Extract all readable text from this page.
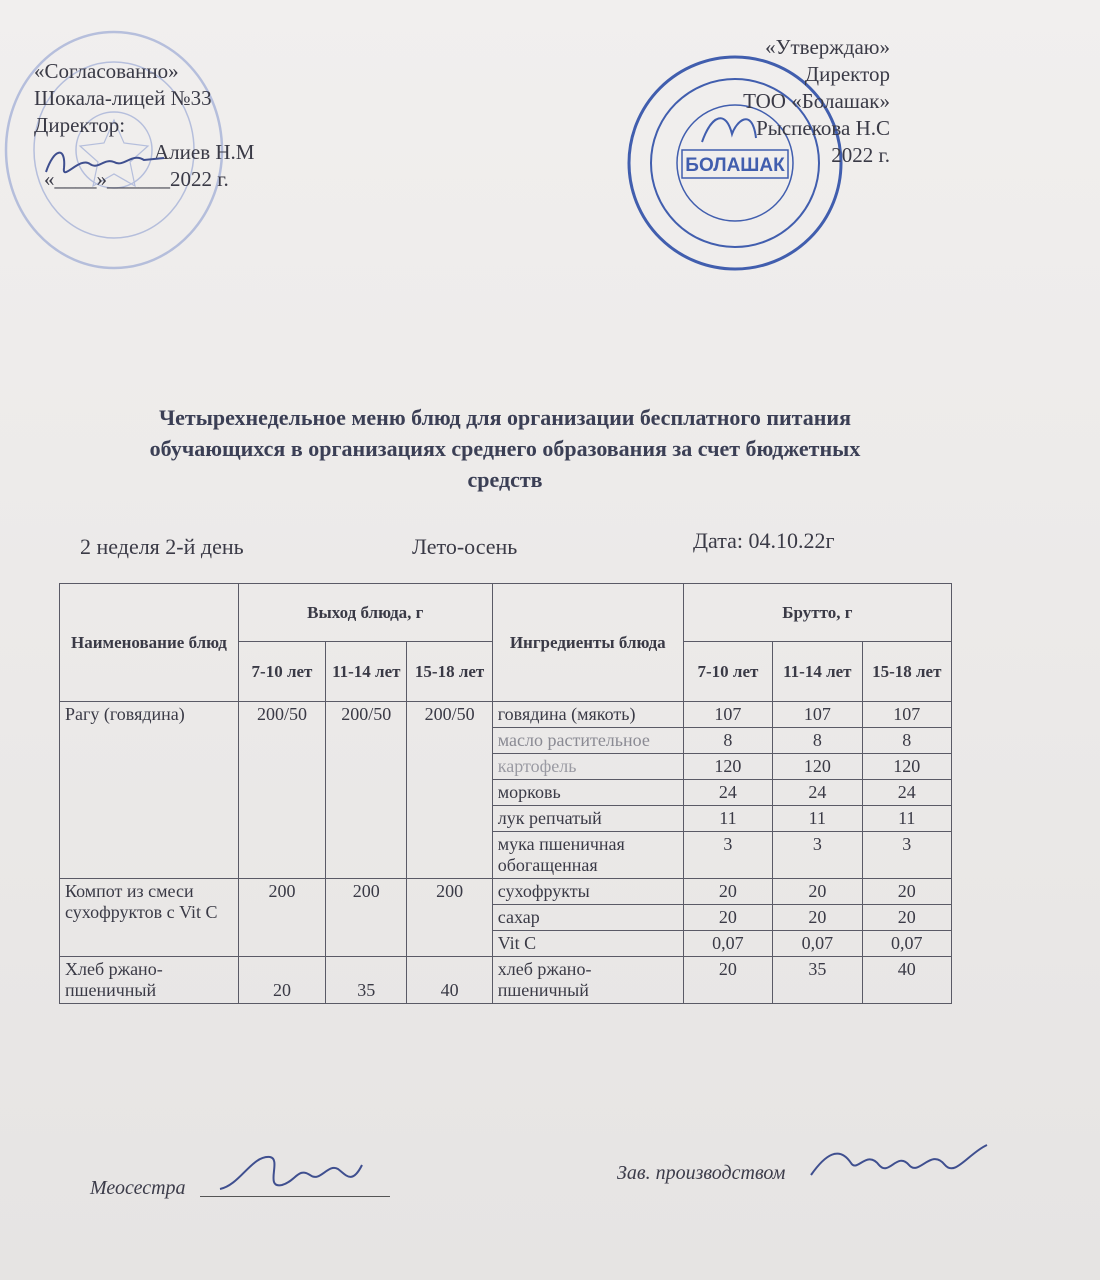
«Согласованно»
Шокала-лицей №33
Директор:
Алиев Н.М
«____»______2022 г.
БОЛАШАК
«Утверждаю»
Директор
ТОО «Болашак»
Рыспекова Н.С
2022 г.
Четырехнедельное меню блюд для организации бесплатного питания
обучающихся в организациях среднего образования за счет бюджетных
средств
2 неделя 2-й день	Лето-осень	Дата: 04.10.22г
Наименование блюд	Выход блюда, г			Ингредиенты блюда	Брутто, г		
	7-10 лет	11-14 лет	15-18 лет		7-10 лет	11-14 лет	15-18 лет
Рагу (говядина)	200/50	200/50	200/50	говядина (мякоть)	107	107	107
				масло растительное	8	8	8
				картофель	120	120	120
				морковь	24	24	24
				лук репчатый	11	11	11
				мука пшеничная обогащенная	3	3	3
Компот из смеси сухофруктов с Vit C	200	200	200	сухофрукты	20	20	20
				сахар	20	20	20
				Vit C	0,07	0,07	0,07
Хлеб ржано-пшеничный	20	35	40	хлеб ржано-пшеничный	20	35	40
Меосестра
Зав. производством
